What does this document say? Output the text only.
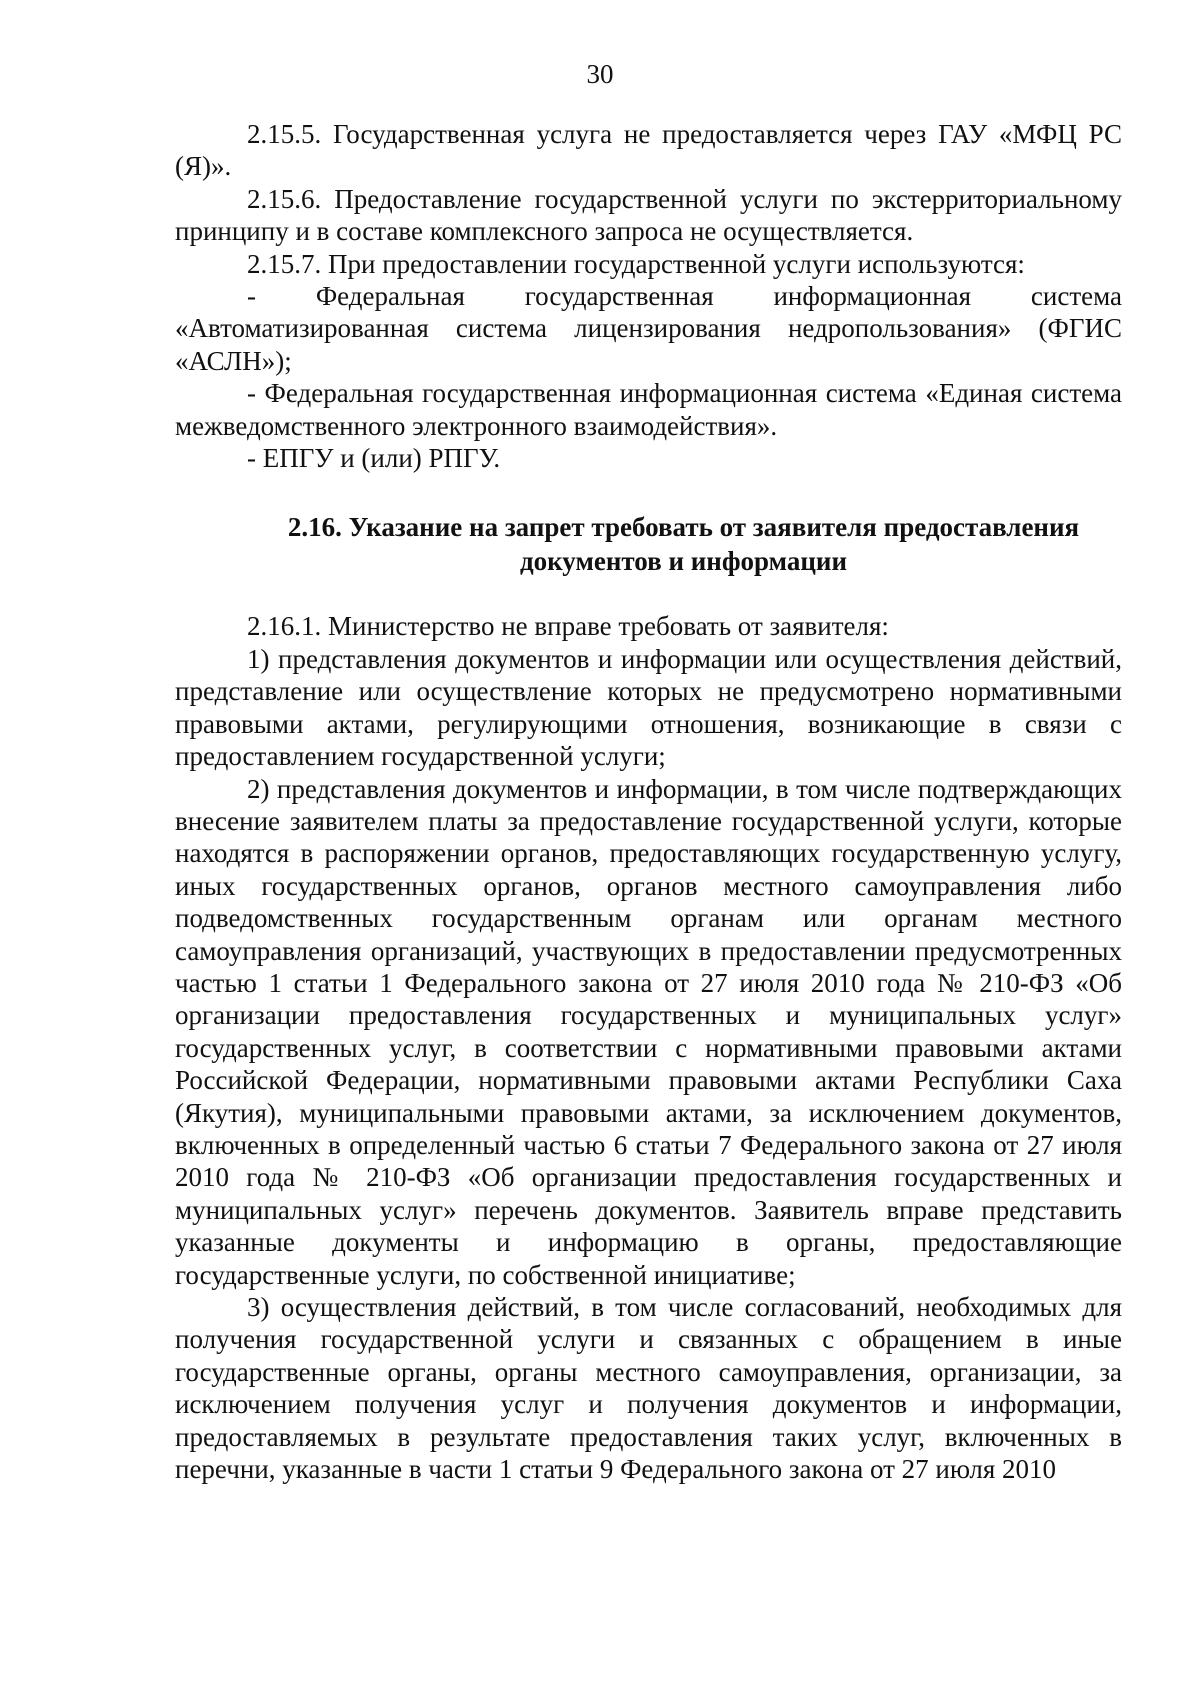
30

2.15.5. Государственная услуга не предоставляется через ГАУ «МФЦ РС (Я)».

2.15.6. Предоставление государственной услуги по экстерриториальному принципу и в составе комплексного запроса не осуществляется.

2.15.7. При предоставлении государственной услуги используются:

- Федеральная государственная информационная система «Автоматизированная система лицензирования недропользования» (ФГИС «АСЛН»);

- Федеральная государственная информационная система «Единая система межведомственного электронного взаимодействия».

- ЕПГУ и (или) РПГУ.

2.16. Указание на запрет требовать от заявителя предоставления документов и информации

2.16.1. Министерство не вправе требовать от заявителя:

1) представления документов и информации или осуществления действий, представление или осуществление которых не предусмотрено нормативными правовыми актами, регулирующими отношения, возникающие в связи с предоставлением государственной услуги;

2) представления документов и информации, в том числе подтверждающих внесение заявителем платы за предоставление государственной услуги, которые находятся в распоряжении органов, предоставляющих государственную услугу, иных государственных органов, органов местного самоуправления либо подведомственных государственным органам или органам местного самоуправления организаций, участвующих в предоставлении предусмотренных частью 1 статьи 1 Федерального закона от 27 июля 2010 года № 210-ФЗ «Об организации предоставления государственных и муниципальных услуг» государственных услуг, в соответствии с нормативными правовыми актами Российской Федерации, нормативными правовыми актами Республики Саха (Якутия), муниципальными правовыми актами, за исключением документов, включенных в определенный частью 6 статьи 7 Федерального закона от 27 июля 2010 года № 210-ФЗ «Об организации предоставления государственных и муниципальных услуг» перечень документов. Заявитель вправе представить указанные документы и информацию в органы, предоставляющие государственные услуги, по собственной инициативе;

3) осуществления действий, в том числе согласований, необходимых для получения государственной услуги и связанных с обращением в иные государственные органы, органы местного самоуправления, организации, за исключением получения услуг и получения документов и информации, предоставляемых в результате предоставления таких услуг, включенных в перечни, указанные в части 1 статьи 9 Федерального закона от 27 июля 2010
